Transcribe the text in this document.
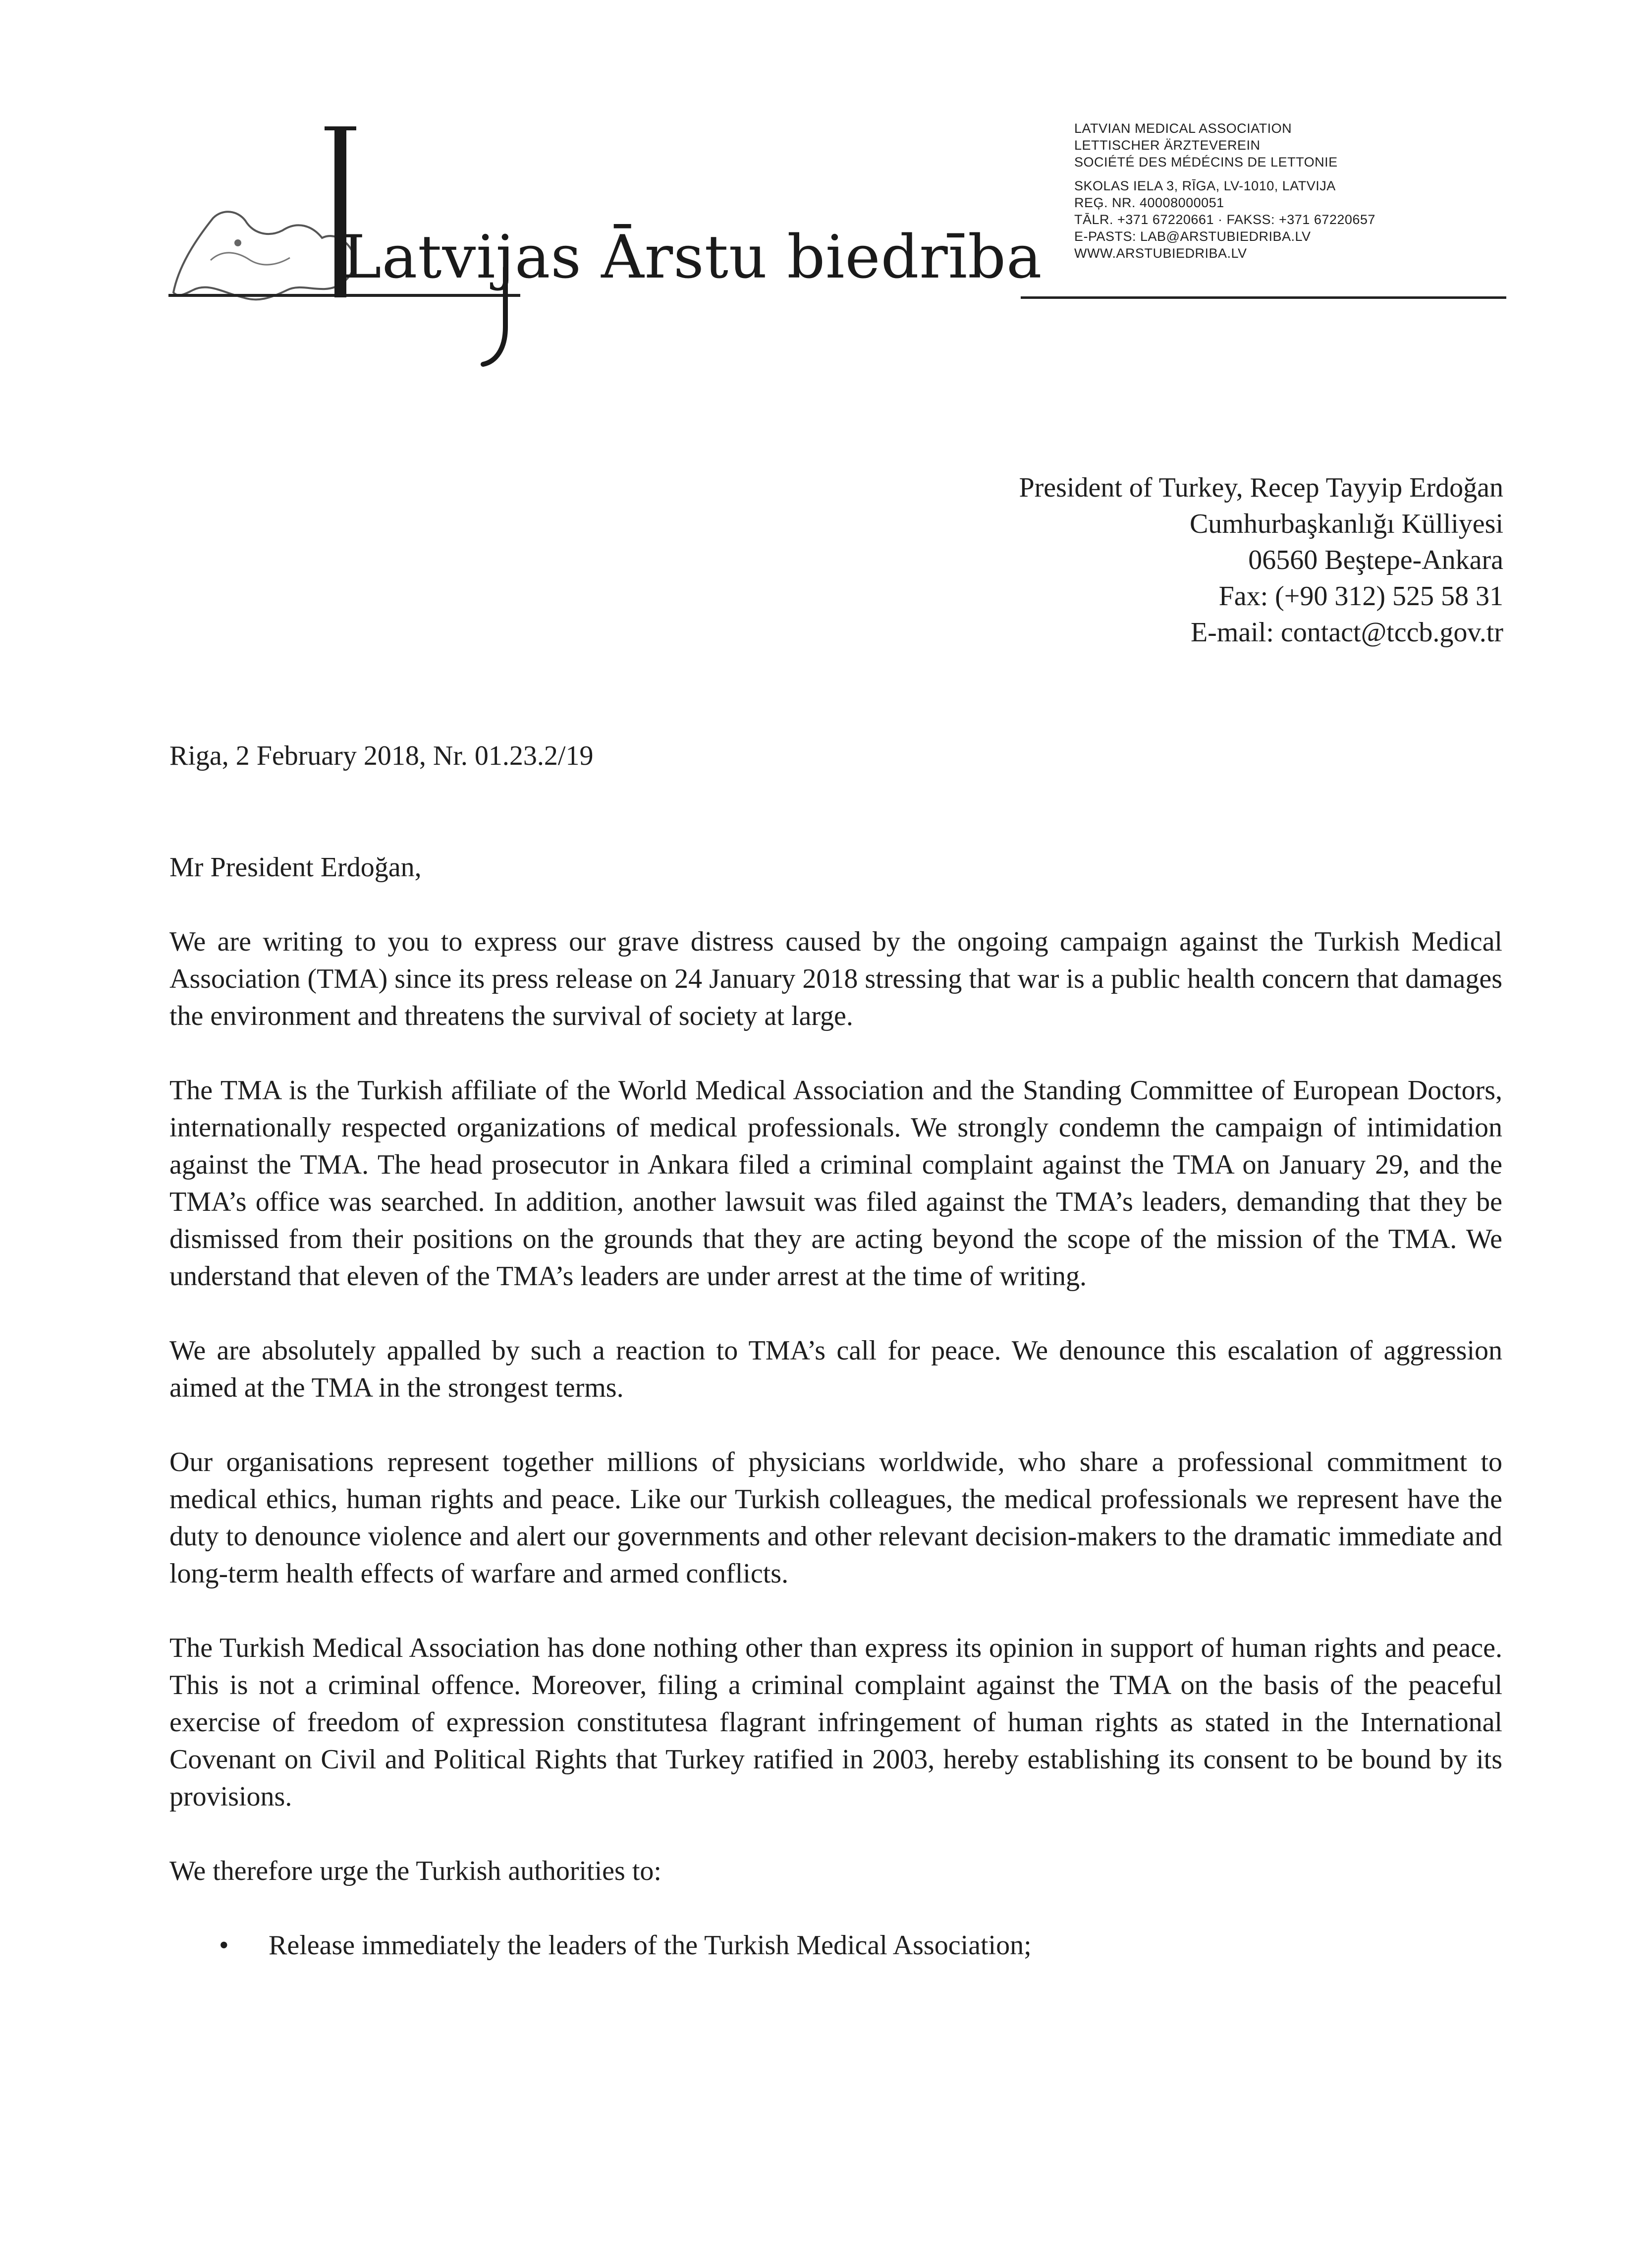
Latvijas Ārstu biedrība
LATVIAN MEDICAL ASSOCIATION
LETTISCHER ÄRZTEVEREIN
SOCIÉTÉ DES MÉDÉCINS DE LETTONIE
SKOLAS IELA 3, RĪGA, LV-1010, LATVIJA
REĢ. NR. 40008000051
TĀLR. +371 67220661 · FAKSS: +371 67220657
E-PASTS: LAB@ARSTUBIEDRIBA.LV
WWW.ARSTUBIEDRIBA.LV
President of Turkey, Recep Tayyip Erdoğan
Cumhurbaşkanlığı Külliyesi
06560 Beştepe-Ankara
Fax: (+90 312) 525 58 31
E-mail: contact@tccb.gov.tr

Riga, 2 February 2018, Nr. 01.23.2/19

Mr President Erdoğan,

We are writing to you to express our grave distress caused by the ongoing campaign against the Turkish Medical Association (TMA) since its press release on 24 January 2018 stressing that war is a public health concern that damages the environment and threatens the survival of society at large.

The TMA is the Turkish affiliate of the World Medical Association and the Standing Committee of European Doctors, internationally respected organizations of medical professionals. We strongly condemn the campaign of intimidation against the TMA. The head prosecutor in Ankara filed a criminal complaint against the TMA on January 29, and the TMA’s office was searched. In addition, another lawsuit was filed against the TMA’s leaders, demanding that they be dismissed from their positions on the grounds that they are acting beyond the scope of the mission of the TMA. We understand that eleven of the TMA’s leaders are under arrest at the time of writing.

We are absolutely appalled by such a reaction to TMA’s call for peace. We denounce this escalation of aggression aimed at the TMA in the strongest terms.

Our organisations represent together millions of physicians worldwide, who share a professional commitment to medical ethics, human rights and peace. Like our Turkish colleagues, the medical professionals we represent have the duty to denounce violence and alert our governments and other relevant decision-makers to the dramatic immediate and long-term health effects of warfare and armed conflicts.

The Turkish Medical Association has done nothing other than express its opinion in support of human rights and peace. This is not a criminal offence. Moreover, filing a criminal complaint against the TMA on the basis of the peaceful exercise of freedom of expression constitutesa flagrant infringement of human rights as stated in the International Covenant on Civil and Political Rights that Turkey ratified in 2003, hereby establishing its consent to be bound by its provisions.

We therefore urge the Turkish authorities to:

• Release immediately the leaders of the Turkish Medical Association;
